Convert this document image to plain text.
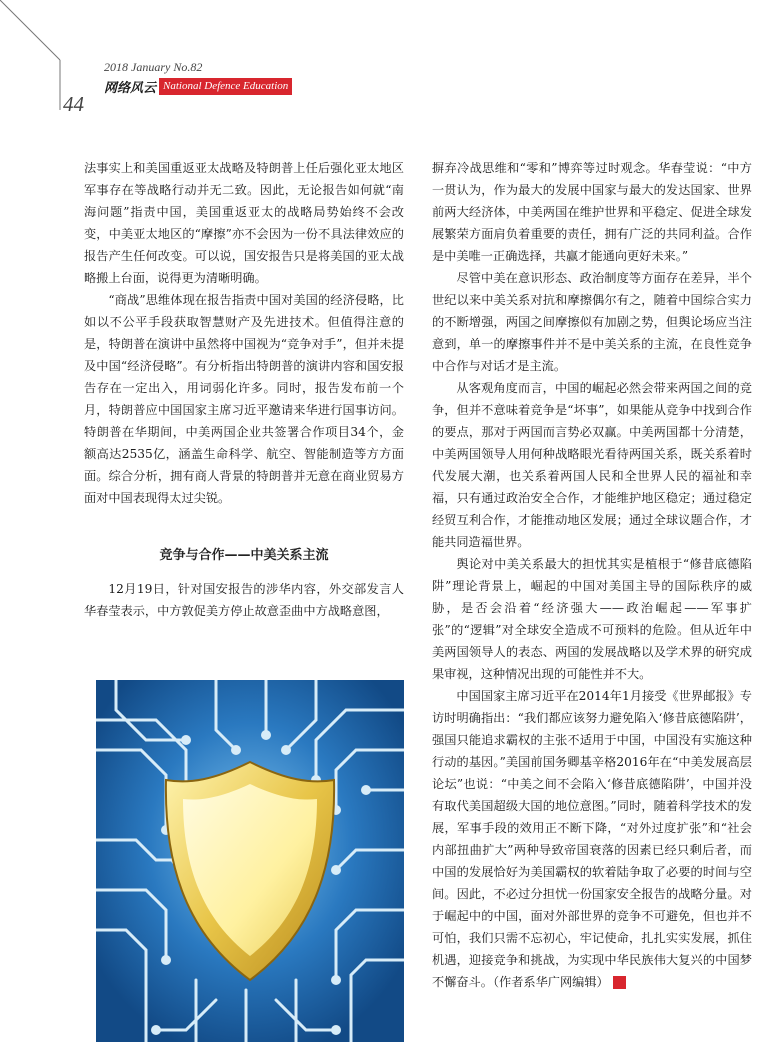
2018 January No.82
44
网络风云 National Defence Education

法事实上和美国重返亚太战略及特朗普上任后强化亚太地区军事存在等战略行动并无二致。因此，无论报告如何就“南海问题”指责中国，美国重返亚太的战略局势始终不会改变，中美亚太地区的“摩擦”亦不会因为一份不具法律效应的报告产生任何改变。可以说，国安报告只是将美国的亚太战略搬上台面，说得更为清晰明确。

“商战”思维体现在报告指责中国对美国的经济侵略，比如以不公平手段获取智慧财产及先进技术。但值得注意的是，特朗普在演讲中虽然将中国视为“竞争对手”，但并未提及中国“经济侵略”。有分析指出特朗普的演讲内容和国安报告存在一定出入，用词弱化许多。同时，报告发布前一个月，特朗普应中国国家主席习近平邀请来华进行国事访问。特朗普在华期间，中美两国企业共签署合作项目34个，金额高达2535亿，涵盖生命科学、航空、智能制造等方方面面。综合分析，拥有商人背景的特朗普并无意在商业贸易方面对中国表现得太过尖锐。

竞争与合作——中美关系主流

12月19日，针对国安报告的涉华内容，外交部发言人华春莹表示，中方敦促美方停止故意歪曲中方战略意图，

摒弃冷战思维和“零和”博弈等过时观念。华春莹说：“中方一贯认为，作为最大的发展中国家与最大的发达国家、世界前两大经济体，中美两国在维护世界和平稳定、促进全球发展繁荣方面肩负着重要的责任，拥有广泛的共同利益。合作是中美唯一正确选择，共赢才能通向更好未来。”

尽管中美在意识形态、政治制度等方面存在差异，半个世纪以来中美关系对抗和摩擦偶尔有之，随着中国综合实力的不断增强，两国之间摩擦似有加剧之势，但舆论场应当注意到，单一的摩擦事件并不是中美关系的主流，在良性竞争中合作与对话才是主流。

从客观角度而言，中国的崛起必然会带来两国之间的竞争，但并不意味着竞争是“坏事”，如果能从竞争中找到合作的要点，那对于两国而言势必双赢。中美两国都十分清楚，中美两国领导人用何种战略眼光看待两国关系，既关系着时代发展大潮，也关系着两国人民和全世界人民的福祉和幸福，只有通过政治安全合作，才能维护地区稳定；通过稳定经贸互利合作，才能推动地区发展；通过全球议题合作，才能共同造福世界。

舆论对中美关系最大的担忧其实是植根于“修昔底德陷阱”理论背景上，崛起的中国对美国主导的国际秩序的威胁，是否会沿着“经济强大——政治崛起——军事扩张”的“逻辑”对全球安全造成不可预料的危险。但从近年中美两国领导人的表态、两国的发展战略以及学术界的研究成果审视，这种情况出现的可能性并不大。

中国国家主席习近平在2014年1月接受《世界邮报》专访时明确指出：“我们都应该努力避免陷入‘修昔底德陷阱’，强国只能追求霸权的主张不适用于中国，中国没有实施这种行动的基因。”美国前国务卿基辛格2016年在“中美发展高层论坛”也说：“中美之间不会陷入‘修昔底德陷阱’，中国并没有取代美国超级大国的地位意图。”同时，随着科学技术的发展，军事手段的效用正不断下降，“对外过度扩张”和“社会内部扭曲扩大”两种导致帝国衰落的因素已经只剩后者，而中国的发展恰好为美国霸权的软着陆争取了必要的时间与空间。因此，不必过分担忧一份国家安全报告的战略分量。对于崛起中的中国，面对外部世界的竞争不可避免，但也并不可怕，我们只需不忘初心，牢记使命，扎扎实实发展，抓住机遇，迎接竞争和挑战，为实现中华民族伟大复兴的中国梦不懈奋斗。（作者系华广网编辑）	G
